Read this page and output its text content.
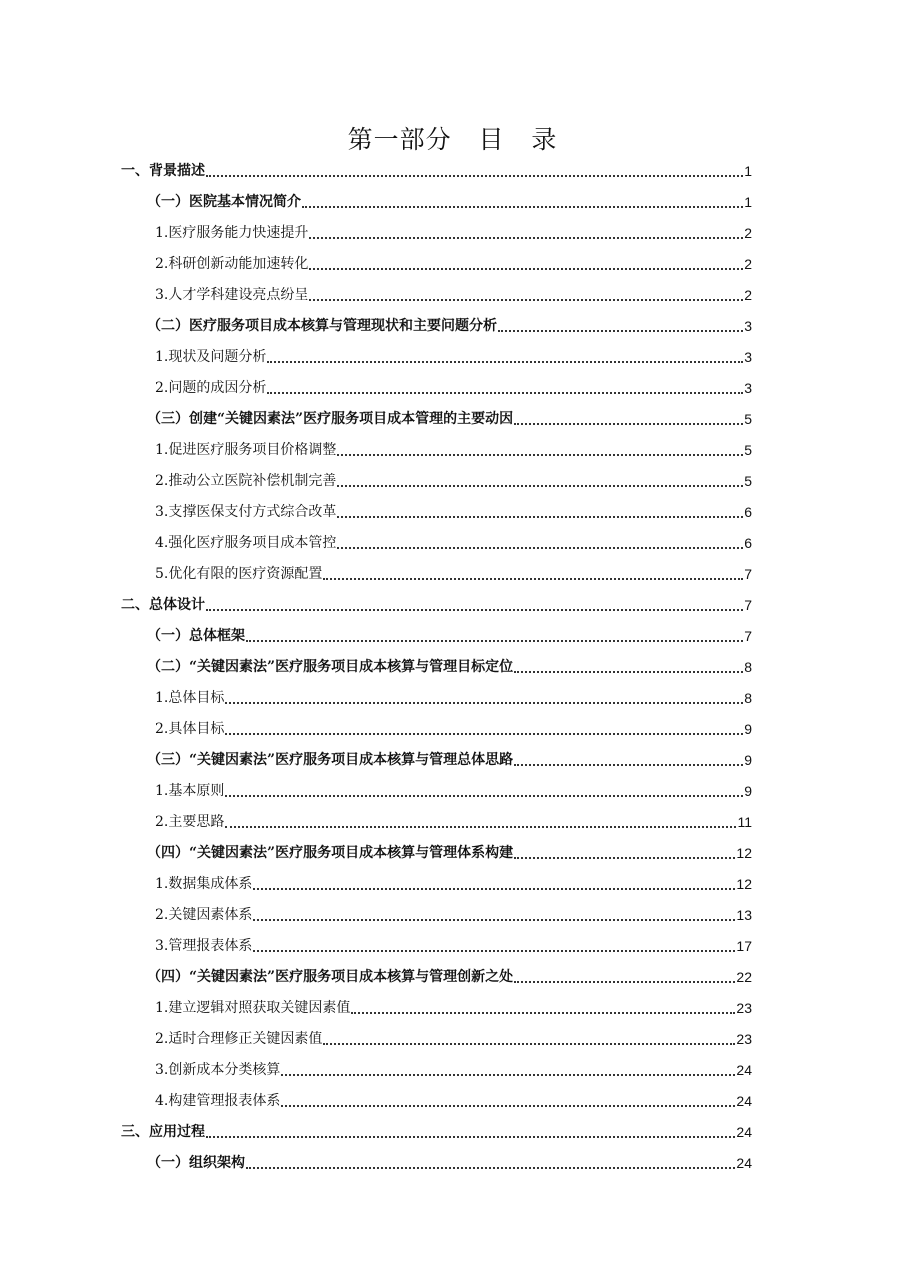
第一部分   目   录
一、背景描述	1
（一）医院基本情况简介	1
1.医疗服务能力快速提升	2
2.科研创新动能加速转化	2
3.人才学科建设亮点纷呈	2
（二）医疗服务项目成本核算与管理现状和主要问题分析	3
1.现状及问题分析	3
2.问题的成因分析	3
（三）创建“关键因素法”医疗服务项目成本管理的主要动因	5
1.促进医疗服务项目价格调整	5
2.推动公立医院补偿机制完善	5
3.支撑医保支付方式综合改革	6
4.强化医疗服务项目成本管控	6
5.优化有限的医疗资源配置	7
二、总体设计	7
（一）总体框架	7
（二）“关键因素法”医疗服务项目成本核算与管理目标定位	8
1.总体目标	8
2.具体目标	9
（三）“关键因素法”医疗服务项目成本核算与管理总体思路	9
1.基本原则	9
2.主要思路	11
（四）“关键因素法”医疗服务项目成本核算与管理体系构建	12
1.数据集成体系	12
2.关键因素体系	13
3.管理报表体系	17
（四）“关键因素法”医疗服务项目成本核算与管理创新之处	22
1.建立逻辑对照获取关键因素值	23
2.适时合理修正关键因素值	23
3.创新成本分类核算	24
4.构建管理报表体系	24
三、应用过程	24
（一）组织架构	24
